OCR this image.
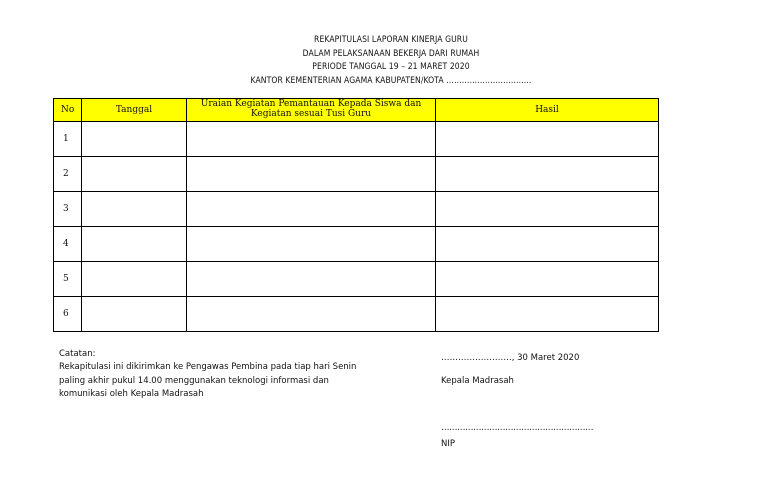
REKAPITULASI LAPORAN KINERJA GURU
DALAM PELAKSANAAN BEKERJA DARI RUMAH
PERIODE TANGGAL 19 – 21 MARET 2020
KANTOR KEMENTERIAN AGAMA KABUPATEN/KOTA ……………………………
No	Tanggal	Uraian Kegiatan Pemantauan Kepada Siswa dan Kegiatan sesuai Tusi Guru	Hasil
1			
2			
3			
4			
5			
6			
Catatan:
Rekapitulasi ini dikirimkan ke Pengawas Pembina pada tiap hari Senin
paling akhir pukul 14.00 menggunakan teknologi informasi dan
komunikasi oleh Kepala Madrasah
……………………., 30 Maret 2020
Kepala Madrasah
…………………………………………………
NIP
